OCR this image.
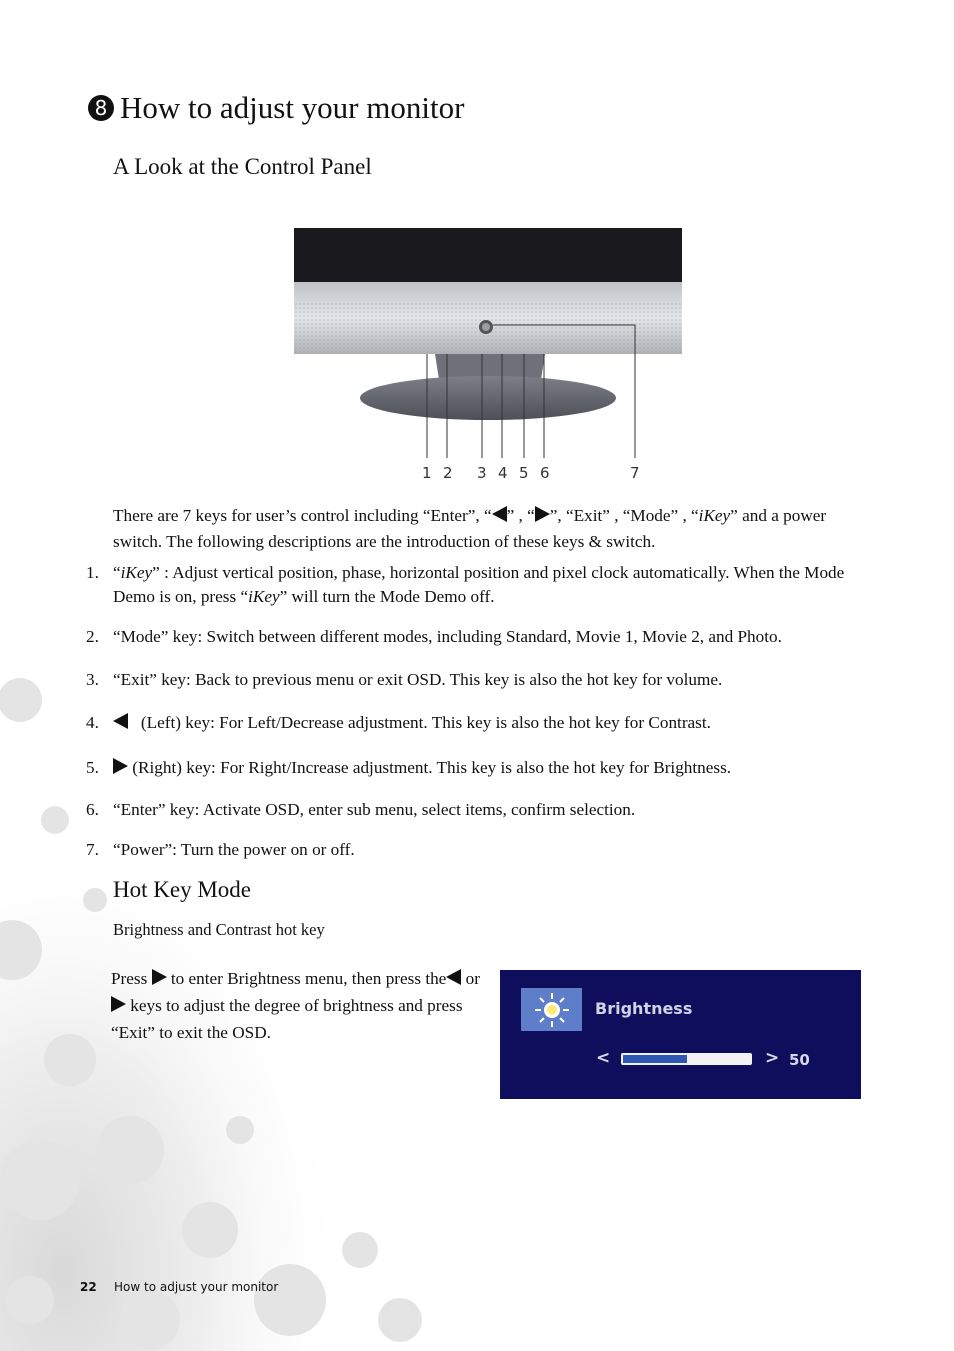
8 How to adjust your monitor
A Look at the Control Panel
1 2 3 4 5 6	7
There are 7 keys for user’s control including “Enter”, “ ” , “ ”, “Exit” , “Mode” , “iKey” and a power switch. The following descriptions are the introduction of these keys & switch.
1. “iKey” : Adjust vertical position, phase, horizontal position and pixel clock automatically. When the Mode Demo is on, press “iKey” will turn the Mode Demo off.
2. “Mode” key: Switch between different modes, including Standard, Movie 1, Movie 2, and Photo.
3. “Exit” key: Back to previous menu or exit OSD. This key is also the hot key for volume.
4.	(Left) key: For Left/Decrease adjustment. This key is also the hot key for Contrast.
5.	(Right) key: For Right/Increase adjustment. This key is also the hot key for Brightness.
6. “Enter” key: Activate OSD, enter sub menu, select items, confirm selection.
7. “Power”: Turn the power on or off.
Hot Key Mode
Brightness and Contrast hot key
Press  to enter Brightness menu, then press the or  keys to adjust the degree of brightness and press “Exit” to exit the OSD.
Brightness
<	> 50
22 How to adjust your monitor
